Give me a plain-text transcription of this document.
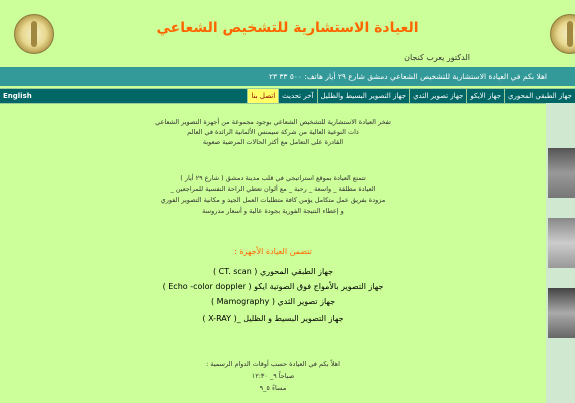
العيادة الاستشارية للتشخيص الشعاعي
الدكتور يعرب كنجان
اهلا بكم في العيادة الاستشارية للتشخيص الشعاعي دمشق شارع ٢٩ أيار هاتف: ٥٠٠ ٣٣ ٢٣
جهاز الطبقي المحوري
جهاز الايكو
جهاز تصوير الثدي
جهاز التصوير البسيط والظليل
آخر تحديث
اتصل بنا
English
تفخر العيادة الاستشارية للتشخيص الشعاعي بوجود مجموعة من أجهزة التصوير الشعاعي
ذات النوعية العالية من شركة سيمنس الألمانية الرائدة في العالم
القادرة على التعامل مع أكثر الحالات المرضية صعوبة
تتمتع العيادة بموقع استراتيجي في قلب مدينة دمشق ( شارع ٢٩ أيار )
العيادة مطلقة _ واسعة _ رحبة _ مع ألوان تعطي الراحة النفسية للمراجعين _
مزودة بفريق عمل متكامل يؤمن كافة متطلبات العمل الجيد و مكانية التصوير الفوري
و إعطاء النتيجة الفورية بجودة عالية و أسعار مدروسة
تتضمن العيادة الأجهزة :
جهاز الطبقي المحوري ( CT. scan )
جهاز التصوير بالأمواج فوق الصوتية ايكو ( Echo -color doppler )
جهاز تصوير الثدي ( Mamography )
جهاز التصوير البسيط و الظليل _( X-RAY )
اهلاً بكم في العيادة حسب أوقات الدوام الرسمية :
صباحاً ٩_ ١٢:٣٠
مساءً ٥_٩
